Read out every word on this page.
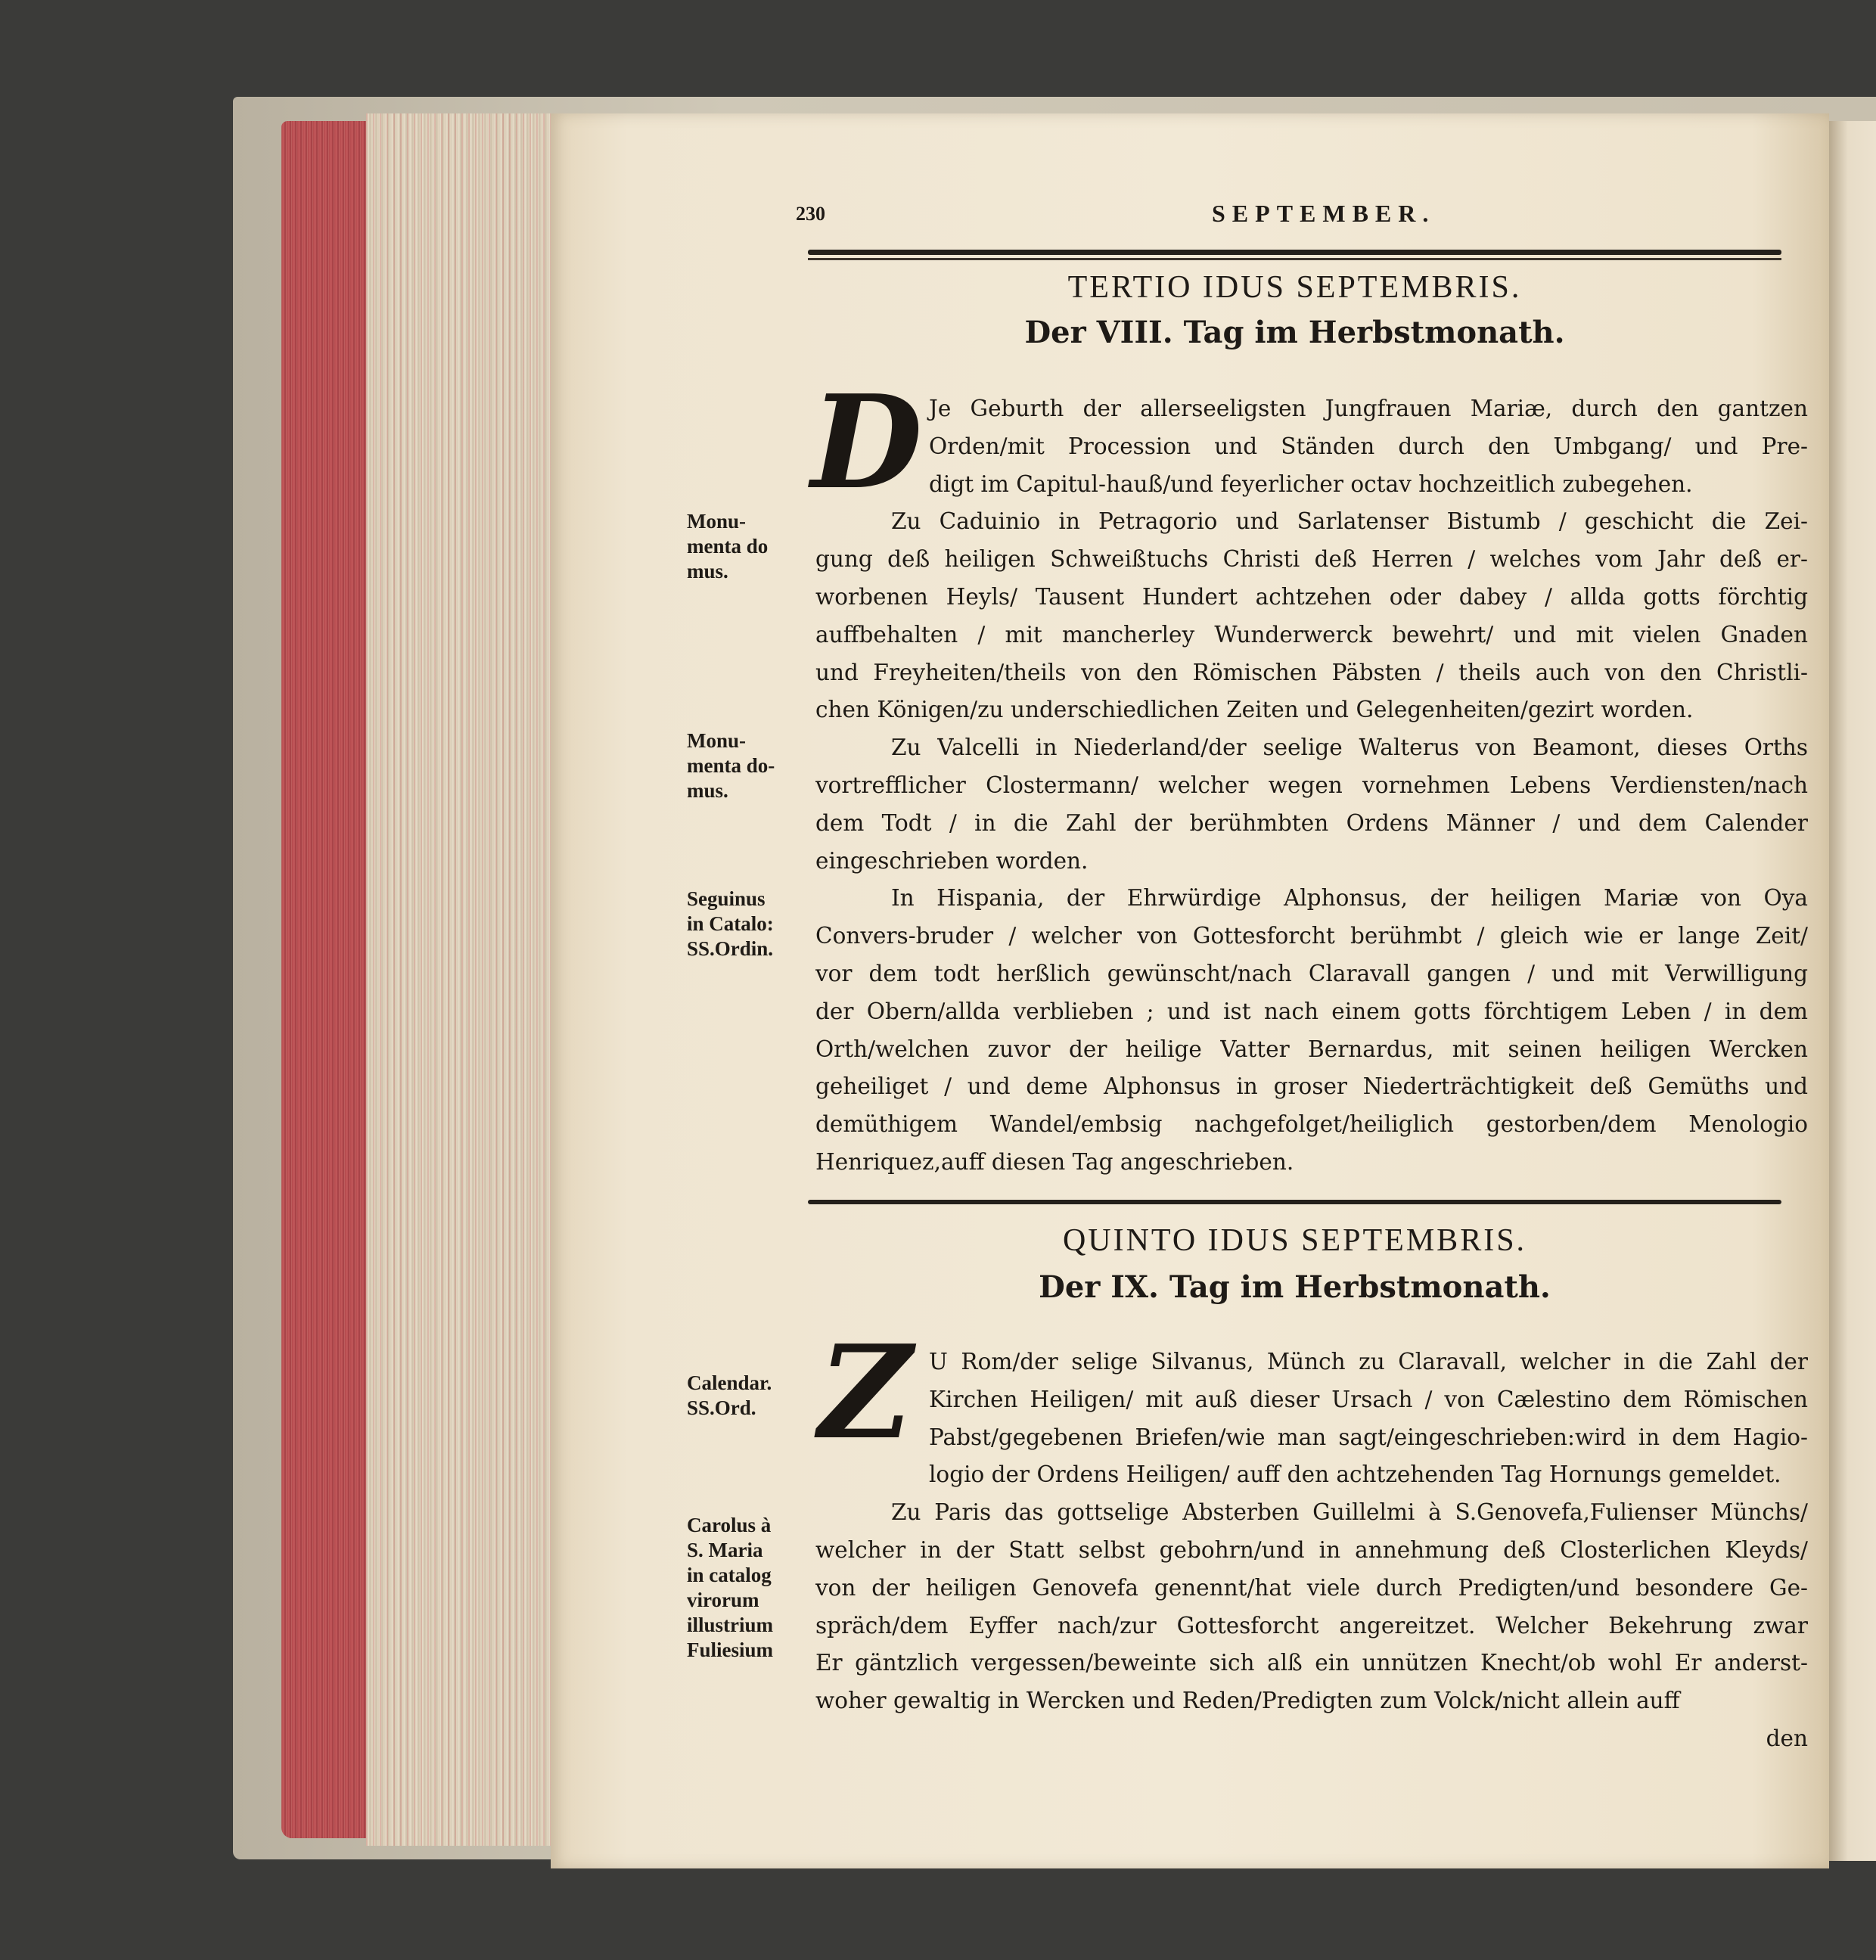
230	SEPTEMBER.
TERTIO IDUS SEPTEMBRIS.
Der VIII. Tag im Herbstmonath.
D Je Geburth der allerseeligsten Jungfrauen Mariæ, durch den gantzen
Orden/mit Procession und Ständen durch den Umbgang/ und Pre-
digt im Capitul-hauß/und feyerlicher octav hochzeitlich zubegehen.
Zu Caduinio in Petragorio und Sarlatenser Bistumb / geschicht die Zei-
gung deß heiligen Schweißtuchs Christi deß Herren / welches vom Jahr deß er-
worbenen Heyls/ Tausent Hundert achtzehen oder dabey / allda gotts förchtig
auffbehalten / mit mancherley Wunderwerck bewehrt/ und mit vielen Gnaden
und Freyheiten/theils von den Römischen Päbsten / theils auch von den Christli-
chen Königen/zu underschiedlichen Zeiten und Gelegenheiten/gezirt worden.
Zu Valcelli in Niederland/der seelige Walterus von Beamont, dieses Orths
vortrefflicher Clostermann/ welcher wegen vornehmen Lebens Verdiensten/nach
dem Todt / in die Zahl der berühmbten Ordens Männer / und dem Calender
eingeschrieben worden.
In Hispania, der Ehrwürdige Alphonsus, der heiligen Mariæ von Oya
Convers-bruder / welcher von Gottesforcht berühmbt / gleich wie er lange Zeit/
vor dem todt herßlich gewünscht/nach Claravall gangen / und mit Verwilligung
der Obern/allda verblieben ; und ist nach einem gotts förchtigem Leben / in dem
Orth/welchen zuvor der heilige Vatter Bernardus, mit seinen heiligen Wercken
geheiliget / und deme Alphonsus in groser Niederträchtigkeit deß Gemüths und
demüthigem Wandel/embsig nachgefolget/heiliglich gestorben/dem Menologio
Henriquez,auff diesen Tag angeschrieben.
Monu-
menta do
mus.
Monu-
menta do-
mus.
Seguinus
in Catalo:
SS.Ordin.
QUINTO IDUS SEPTEMBRIS.
Der IX. Tag im Herbstmonath.
Z U Rom/der selige Silvanus, Münch zu Claravall, welcher in die Zahl der
Kirchen Heiligen/ mit auß dieser Ursach / von Cælestino dem Römischen
Pabst/gegebenen Briefen/wie man sagt/eingeschrieben:wird in dem Hagio-
logio der Ordens Heiligen/ auff den achtzehenden Tag Hornungs gemeldet.
Zu Paris das gottselige Absterben Guillelmi à S.Genovefa,Fulienser Münchs/
welcher in der Statt selbst gebohrn/und in annehmung deß Closterlichen Kleyds/
von der heiligen Genovefa genennt/hat viele durch Predigten/und besondere Ge-
spräch/dem Eyffer nach/zur Gottesforcht angereitzet. Welcher Bekehrung zwar
Er gäntzlich vergessen/beweinte sich alß ein unnützen Knecht/ob wohl Er anderst-
woher gewaltig in Wercken und Reden/Predigten zum Volck/nicht allein auff
den
Calendar.
SS.Ord.
Carolus à
S. Maria
in catalog
virorum
illustrium
Fuliesium
